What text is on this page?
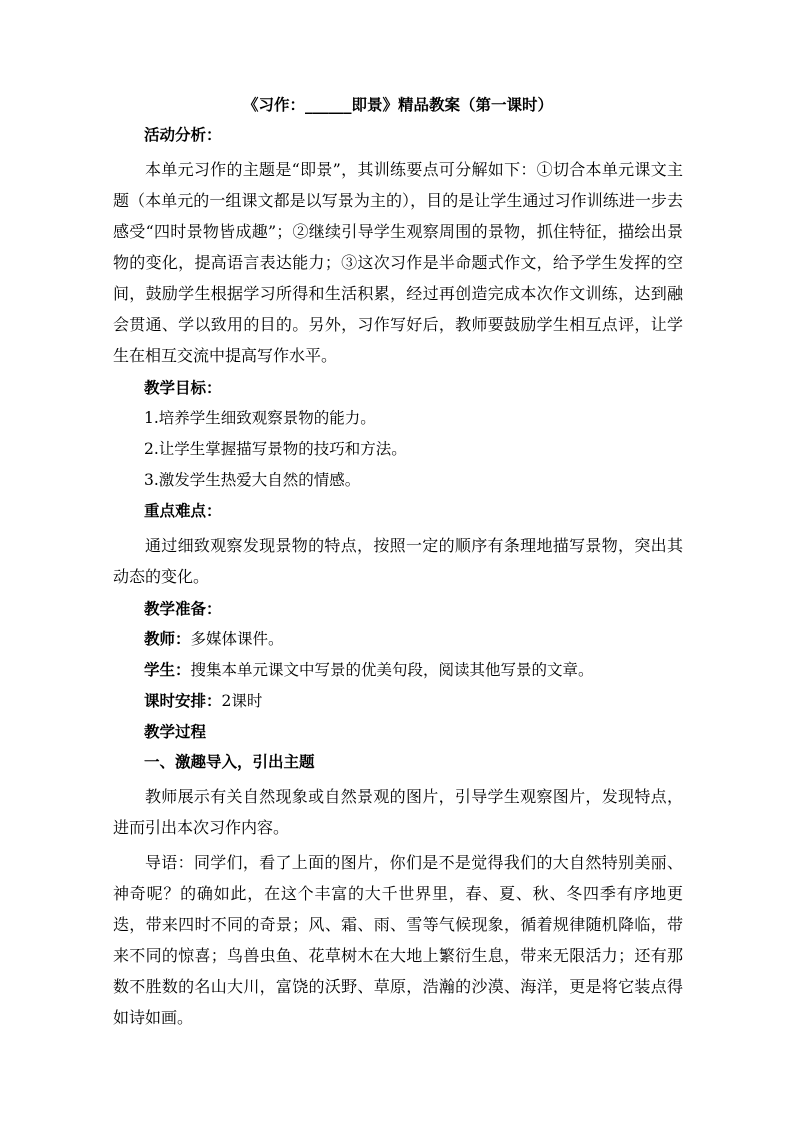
《习作：______即景》精品教案（第一课时）
活动分析：
本单元习作的主题是“即景”，其训练要点可分解如下：①切合本单元课文主题（本单元的一组课文都是以写景为主的），目的是让学生通过习作训练进一步去感受“四时景物皆成趣”；②继续引导学生观察周围的景物，抓住特征，描绘出景物的变化，提高语言表达能力；③这次习作是半命题式作文，给予学生发挥的空间，鼓励学生根据学习所得和生活积累，经过再创造完成本次作文训练，达到融会贯通、学以致用的目的。另外，习作写好后，教师要鼓励学生相互点评，让学生在相互交流中提高写作水平。
教学目标：
1.培养学生细致观察景物的能力。
2.让学生掌握描写景物的技巧和方法。
3.激发学生热爱大自然的情感。
重点难点：
通过细致观察发现景物的特点，按照一定的顺序有条理地描写景物，突出其动态的变化。
教学准备：
教师：多媒体课件。
学生：搜集本单元课文中写景的优美句段，阅读其他写景的文章。
课时安排：2课时
教学过程
一、激趣导入，引出主题
教师展示有关自然现象或自然景观的图片，引导学生观察图片，发现特点，进而引出本次习作内容。
导语：同学们，看了上面的图片，你们是不是觉得我们的大自然特别美丽、神奇呢？的确如此，在这个丰富的大千世界里，春、夏、秋、冬四季有序地更迭，带来四时不同的奇景；风、霜、雨、雪等气候现象，循着规律随机降临，带来不同的惊喜；鸟兽虫鱼、花草树木在大地上繁衍生息，带来无限活力；还有那数不胜数的名山大川，富饶的沃野、草原，浩瀚的沙漠、海洋，更是将它装点得如诗如画。
